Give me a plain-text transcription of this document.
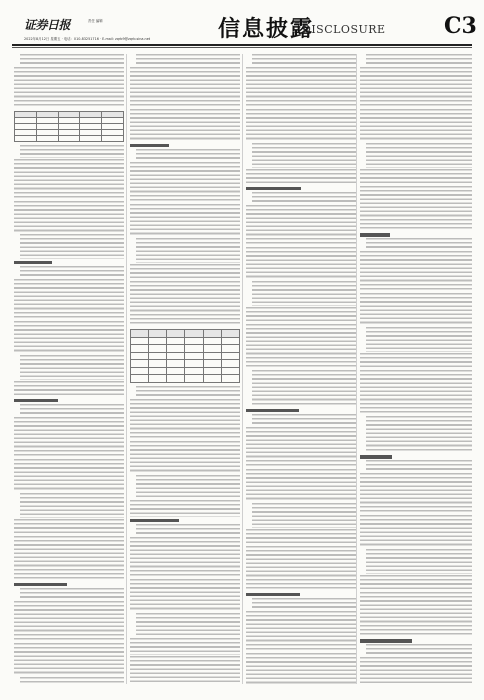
证券日报	责任 编辑
2022年8月12日 星期五 · 电话：010-83251716 · E-mail: zqrb9@zqrb.sina.net	信息披露
DISCLOSURE	C3
